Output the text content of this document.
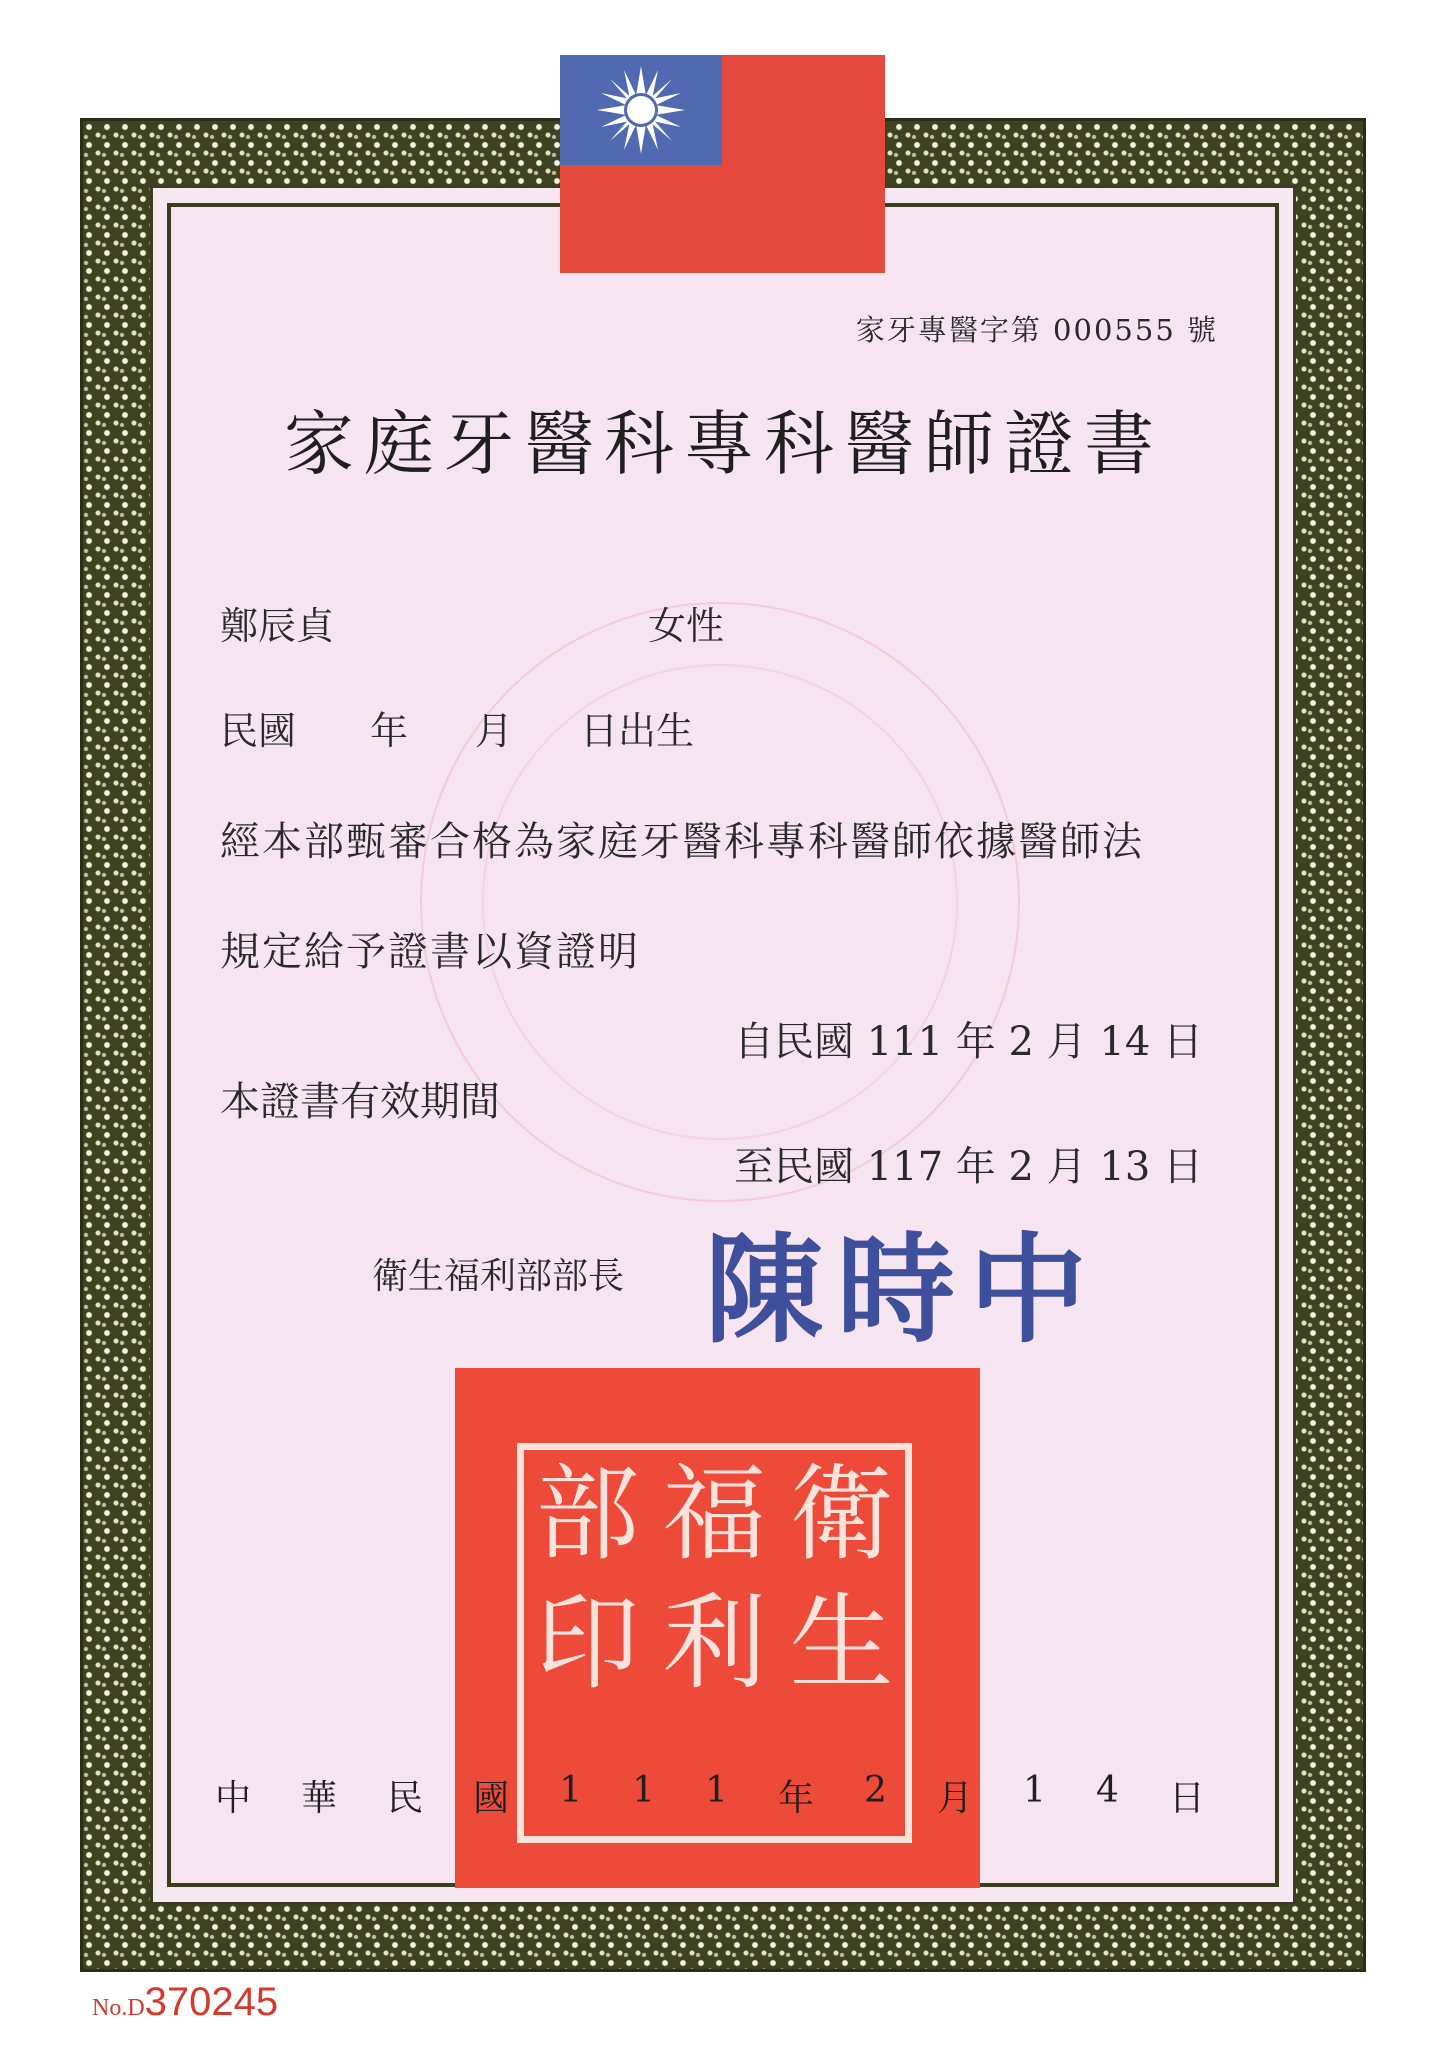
家牙專醫字第 000555 號
家庭牙醫科專科醫師證書
鄭辰貞	女性
民國 年 月 日出生
經本部甄審合格為家庭牙醫科專科醫師依據醫師法
規定給予證書以資證明
自民國 111 年 2 月 14 日
本證書有效期間
至民國 117 年 2 月 13 日
衛生福利部部長 陳時中
衛
生

福
利

部
印

中 華 民 國 1 1 1 年 2 月 1 4 日
No.D370245
